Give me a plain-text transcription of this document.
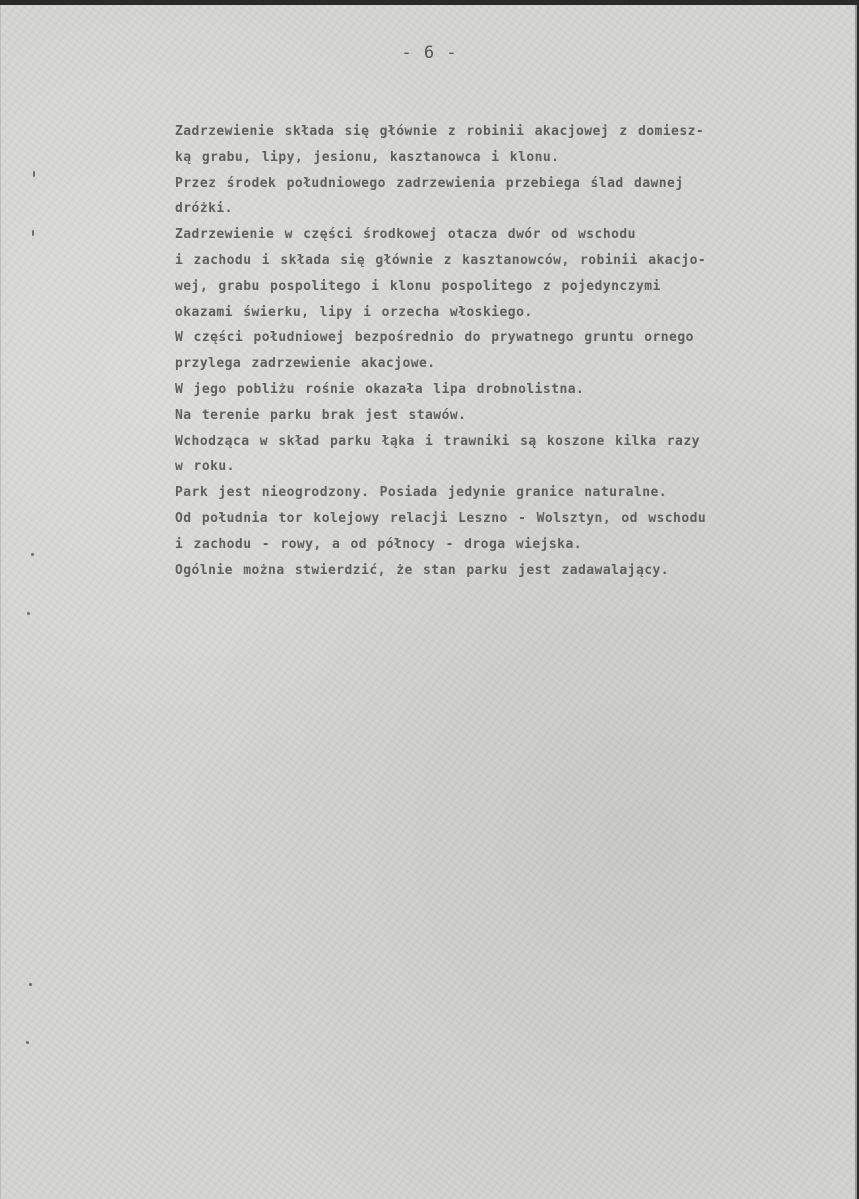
- 6 -
Zadrzewienie składa się głównie z robinii akacjowej z domiesz-
ką grabu, lipy, jesionu, kasztanowca i klonu.
Przez środek południowego zadrzewienia przebiega ślad dawnej
dróżki.
Zadrzewienie w części środkowej otacza dwór od wschodu
i zachodu i składa się głównie z kasztanowców, robinii akacjo-
wej, grabu pospolitego i klonu pospolitego z pojedynczymi
okazami świerku, lipy i orzecha włoskiego.
W części południowej bezpośrednio do prywatnego gruntu ornego
przylega zadrzewienie akacjowe.
W jego pobliżu rośnie okazała lipa drobnolistna.
Na terenie parku brak jest stawów.
Wchodząca w skład parku łąka i trawniki są koszone kilka razy
w roku.
Park jest nieogrodzony. Posiada jedynie granice naturalne.
Od południa tor kolejowy relacji Leszno - Wolsztyn, od wschodu
i zachodu - rowy, a od północy - droga wiejska.
Ogólnie można stwierdzić, że stan parku jest zadawalający.
